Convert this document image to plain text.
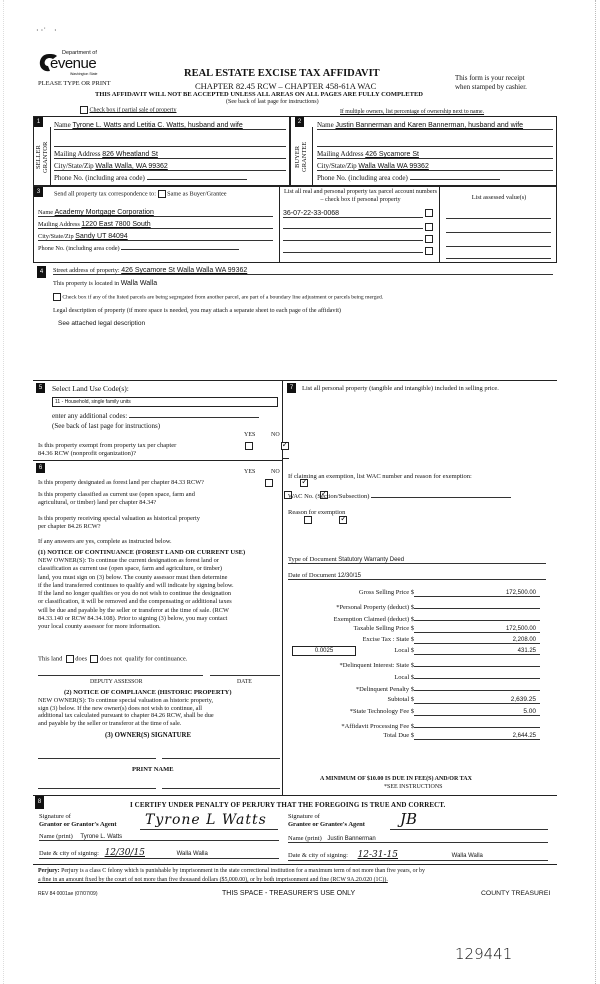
· ·˙    ·
Department of
evenue
Washington State
PLEASE TYPE OR PRINT
REAL ESTATE EXCISE TAX AFFIDAVIT
CHAPTER 82.45 RCW – CHAPTER 458-61A WAC
This form is your receipt
when stamped by cashier.
THIS AFFIDAVIT WILL NOT BE ACCEPTED UNLESS ALL AREAS ON ALL PAGES ARE FULLY COMPLETED
(See back of last page for instructions)
Check box if partial sale of property	If multiple owners, list percentage of ownership next to name.
1
SELLER
GRANTOR
Name Tyrone L. Watts and Letitia C. Watts, husband and wife
Mailing Address 826 Wheatland St
City/State/Zip Walla Walla, WA 99362
Phone No. (including area code)
2
BUYER
GRANTEE
Name Justin Bannerman and Karen Bannerman, husband and wife
Mailing Address 426 Sycamore St
City/State/Zip Walla Walla WA 99362
Phone No. (including area code)
3	Send all property tax correspondence to: Same as Buyer/Grantee
Name Academy Mortgage Corporation
Mailing Address 1220 East 7800 South
City/State/Zip Sandy UT 84094
Phone No. (including area code)
List all real and personal property tax parcel account numbers – check box if personal property
36-07-22-33-0068

List assessed value(s)
4	Street address of property: 426 Sycamore St Walla Walla WA 99362
This property is located in Walla Walla
Check box if any of the listed parcels are being segregated from another parcel, are part of a boundary line adjustment or parcels being merged.
Legal description of property (if more space is needed, you may attach a separate sheet to each page of the affidavit)
See attached legal description
5	Select Land Use Code(s):
11 - Household, single family units
enter any additional codes:
(See back of last page for instructions)
YES	NO
Is this property exempt from property tax per chapter
84.36 RCW (nonprofit organization)?
✓
6
YES	NO
Is this property designated as forest land per chapter 84.33 RCW?
✓
Is this property classified as current use (open space, farm and
agricultural, or timber) land per chapter 84.34?
✓
Is this property receiving special valuation as historical property
per chapter 84.26 RCW?
✓
If any answers are yes, complete as instructed below.
(1) NOTICE OF CONTINUANCE (FOREST LAND OR CURRENT USE)
NEW OWNER(S): To continue the current designation as forest land or
classification as current use (open space, farm and agriculture, or timber)
land, you must sign on (3) below. The county assessor must then determine
if the land transferred continues to qualify and will indicate by signing below.
If the land no longer qualifies or you do not wish to continue the designation
or classification, it will be removed and the compensating or additional taxes
will be due and payable by the seller or transferor at the time of sale. (RCW
84.33.140 or RCW 84.34.108). Prior to signing (3) below, you may contact
your local county assessor for more information.
This land does does not qualify for continuance.
DEPUTY ASSESSOR	DATE
(2) NOTICE OF COMPLIANCE (HISTORIC PROPERTY)
NEW OWNER(S): To continue special valuation as historic property,
sign (3) below. If the new owner(s) does not wish to continue, all
additional tax calculated pursuant to chapter 84.26 RCW, shall be due
and payable by the seller or transferor at the time of sale.
(3) OWNER(S) SIGNATURE
PRINT NAME
7	List all personal property (tangible and intangible) included in selling price.
If claiming an exemption, list WAC number and reason for exemption:
WAC No. (Section/Subsection)
Reason for exemption
Type of Document Statutory Warranty Deed
Date of Document 12/30/15
Gross Selling Price $	172,500.00
*Personal Property (deduct) $
Exemption Claimed (deduct) $
Taxable Selling Price $	172,500.00
Excise Tax : State $	2,208.00
0.0025	Local $	431.25
*Delinquent Interest: State $
Local $
*Delinquent Penalty $
Subtotal $	2,639.25
*State Technology Fee $	5.00
*Affidavit Processing Fee $
Total Due $	2,644.25
A MINIMUM OF $10.00 IS DUE IN FEE(S) AND/OR TAX
*SEE INSTRUCTIONS
8	I CERTIFY UNDER PENALTY OF PERJURY THAT THE FOREGOING IS TRUE AND CORRECT.
Signature of
Grantor or Grantor's Agent Tyrone L Watts
Name (print) Tyrone L. Watts
Date & city of signing: 12/30/15	Walla Walla
Signature of
Grantee or Grantee's Agent JB
Name (print) Justin Bannerman
Date & city of signing: 12-31-15	Walla Walla
Perjury: Perjury is a class C felony which is punishable by imprisonment in the state correctional institution for a maximum term of not more than five years, or by
a fine in an amount fixed by the court of not more than five thousand dollars ($5,000.00), or by both imprisonment and fine (RCW 9A.20.020 (1C)).
REV 84 0001ae (07/07/09)	THIS SPACE - TREASURER'S USE ONLY	COUNTY TREASUREI
129441
